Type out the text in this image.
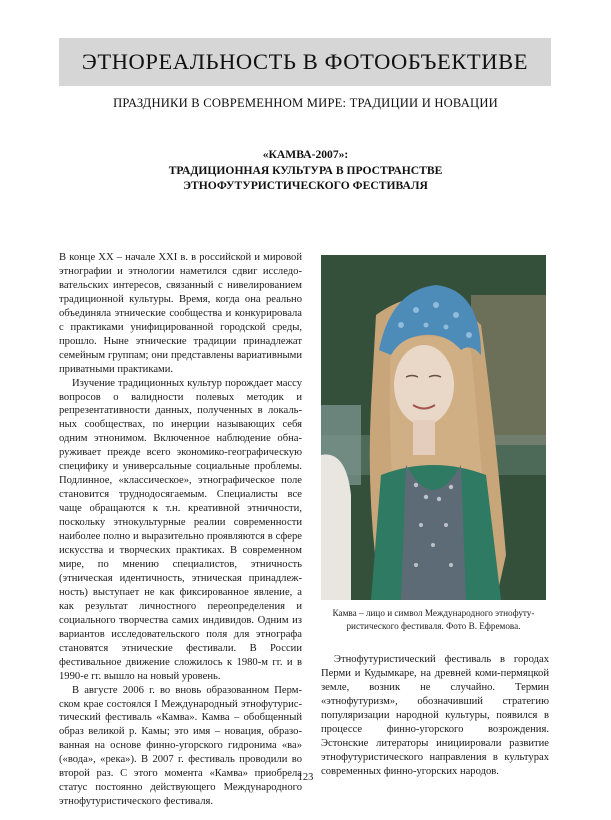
ЭТНОРЕАЛЬНОСТЬ В ФОТООБЪЕКТИВЕ
ПРАЗДНИКИ В СОВРЕМЕННОМ МИРЕ: ТРАДИЦИИ И НОВАЦИИ
«КАМВА-2007»:
ТРАДИЦИОННАЯ КУЛЬТУРА В ПРОСТРАНСТВЕ
ЭТНОФУТУРИСТИЧЕСКОГО ФЕСТИВАЛЯ

В конце XX – начале XXI в. в российской и мировой этнографии и этнологии наметился сдвиг исследовательских интересов, связанный с нивелированием традиционной культуры. Время, когда она реально объединяла этнические сообщества и конкурировала с практиками унифицированной городской среды, прошло. Ныне этнические традиции принадлежат семейным группам; они представлены вариативными приватными практиками.

Изучение традиционных культур порождает массу вопросов о валидности полевых методик и репрезентативности данных, полученных в локальных сообществах, по инерции называющих себя одним этнонимом. Включенное наблюдение обнаруживает прежде всего экономико-географическую специфику и универсальные социальные проблемы. Подлинное, «классическое», этнографическое поле становится труднодосягаемым. Специалисты все чаще обращаются к т.н. креативной этничности, поскольку этнокультурные реалии современности наиболее полно и выразительно проявляются в сфере искусства и творческих практиках. В современном мире, по мнению специалистов, этничность (этническая идентичность, этническая принадлежность) выступает не как фиксированное явление, а как результат личностного переопределения и социального творчества самих индивидов. Одним из вариантов исследовательского поля для этнографа становятся этнические фестивали. В России фестивальное движение сложилось к 1980-м гг. и в 1990-е гг. вышло на новый уровень.

В августе 2006 г. во вновь образованном Пермском крае состоялся I Международный этнофутуристический фестиваль «Камва». Камва – обобщенный образ великой р. Камы; это имя – новация, образованная на основе финно-угорского гидронима «ва» («вода», «река»). В 2007 г. фестиваль проводили во второй раз. С этого момента «Камва» приобрела статус постоянно действующего Международного этнофутуристического фестиваля.

Камва – лицо и символ Международного этнофутуристического фестиваля. Фото В. Ефремова.

Этнофутуристический фестиваль в городах Перми и Кудымкаре, на древней коми-пермяцкой земле, возник не случайно. Термин «этнофутуризм», обозначивший стратегию популяризации народной культуры, появился в процессе финно-угорского возрождения. Эстонские литераторы инициировали развитие этнофутуристического направления в культурах современных финно-угорских народов.

123
